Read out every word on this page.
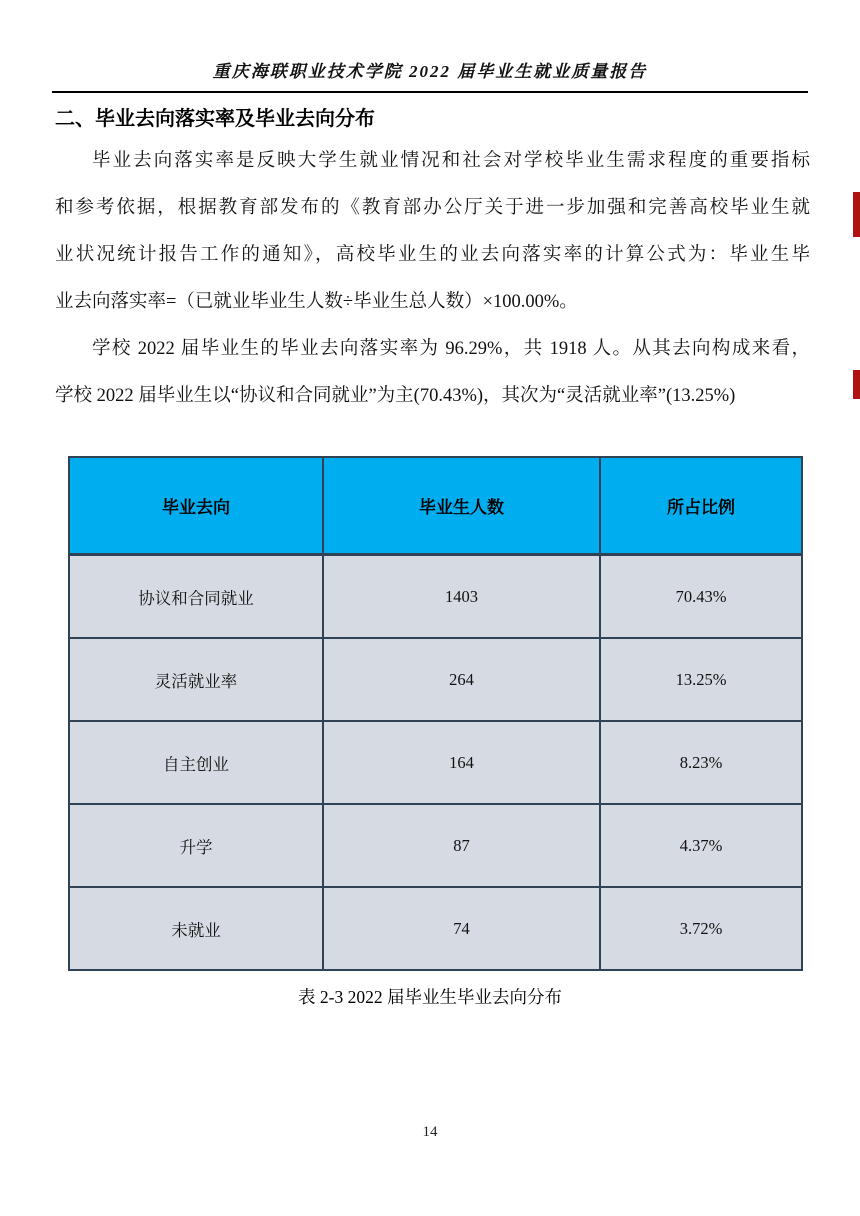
重庆海联职业技术学院 2022 届毕业生就业质量报告
二、毕业去向落实率及毕业去向分布
毕业去向落实率是反映大学生就业情况和社会对学校毕业生需求程度的重要指标
和参考依据，根据教育部发布的《教育部办公厅关于进一步加强和完善高校毕业生就
业状况统计报告工作的通知》，高校毕业生的业去向落实率的计算公式为：毕业生毕
业去向落实率=（已就业毕业生人数÷毕业生总人数）×100.00%。
学校 2022 届毕业生的毕业去向落实率为 96.29%，共 1918 人。从其去向构成来看，
学校 2022 届毕业生以“协议和合同就业”为主(70.43%)，其次为“灵活就业率”(13.25%)
毕业去向	毕业生人数	所占比例
协议和合同就业	1403	70.43%
灵活就业率	264	13.25%
自主创业	164	8.23%
升学	87	4.37%
未就业	74	3.72%
表 2-3 2022 届毕业生毕业去向分布
14
